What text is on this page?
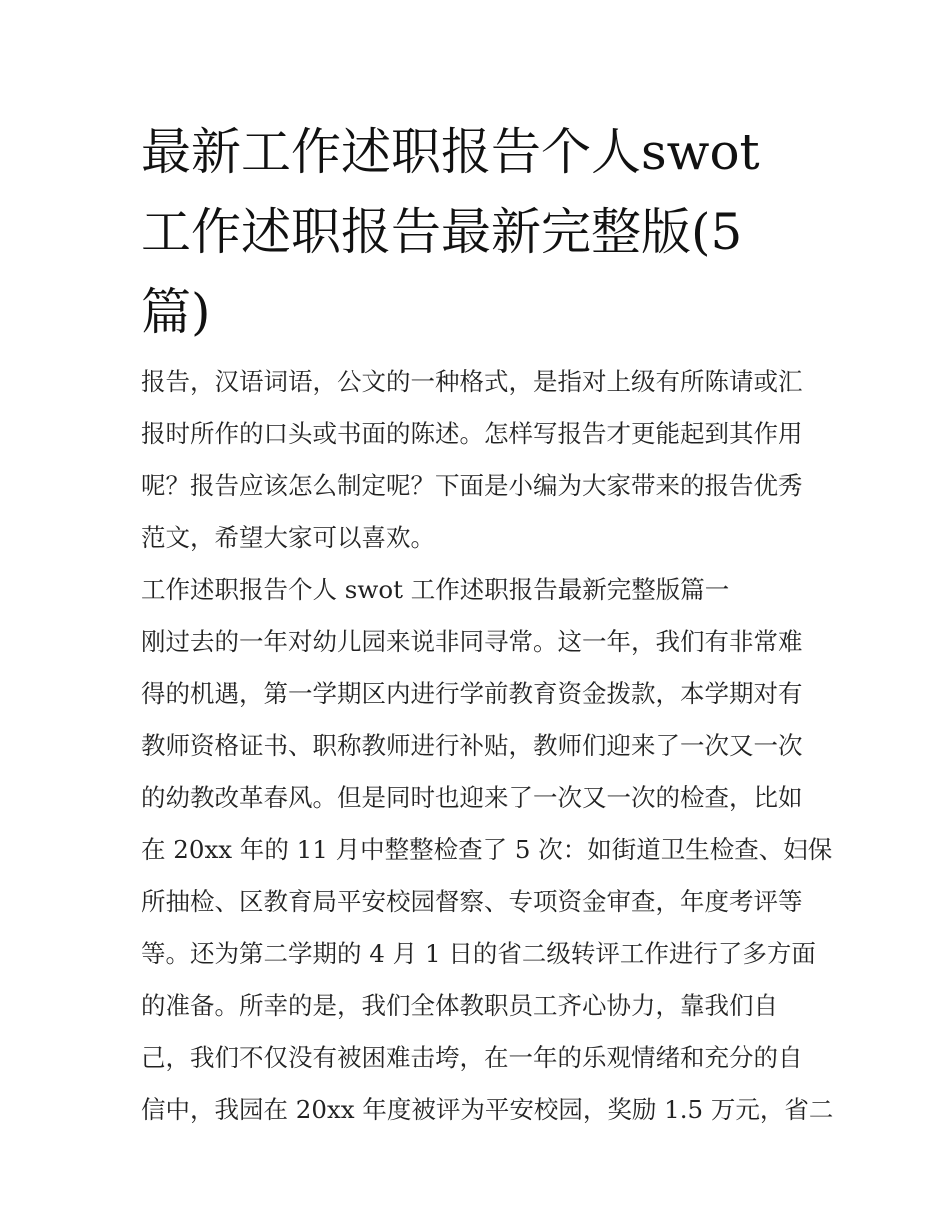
最新工作述职报告个人swot
工作述职报告最新完整版(5
篇)
报告，汉语词语，公文的一种格式，是指对上级有所陈请或汇
报时所作的口头或书面的陈述。怎样写报告才更能起到其作用
呢？报告应该怎么制定呢？下面是小编为大家带来的报告优秀
范文，希望大家可以喜欢。
工作述职报告个人 swot 工作述职报告最新完整版篇一
刚过去的一年对幼儿园来说非同寻常。这一年，我们有非常难
得的机遇，第一学期区内进行学前教育资金拨款，本学期对有
教师资格证书、职称教师进行补贴，教师们迎来了一次又一次
的幼教改革春风。但是同时也迎来了一次又一次的检查，比如
在 20xx 年的 11 月中整整检查了 5 次：如街道卫生检查、妇保
所抽检、区教育局平安校园督察、专项资金审查，年度考评等
等。还为第二学期的 4 月 1 日的省二级转评工作进行了多方面
的准备。所幸的是，我们全体教职员工齐心协力，靠我们自
己，我们不仅没有被困难击垮，在一年的乐观情绪和充分的自
信中，我园在 20xx 年度被评为平安校园，奖励 1.5 万元，省二
